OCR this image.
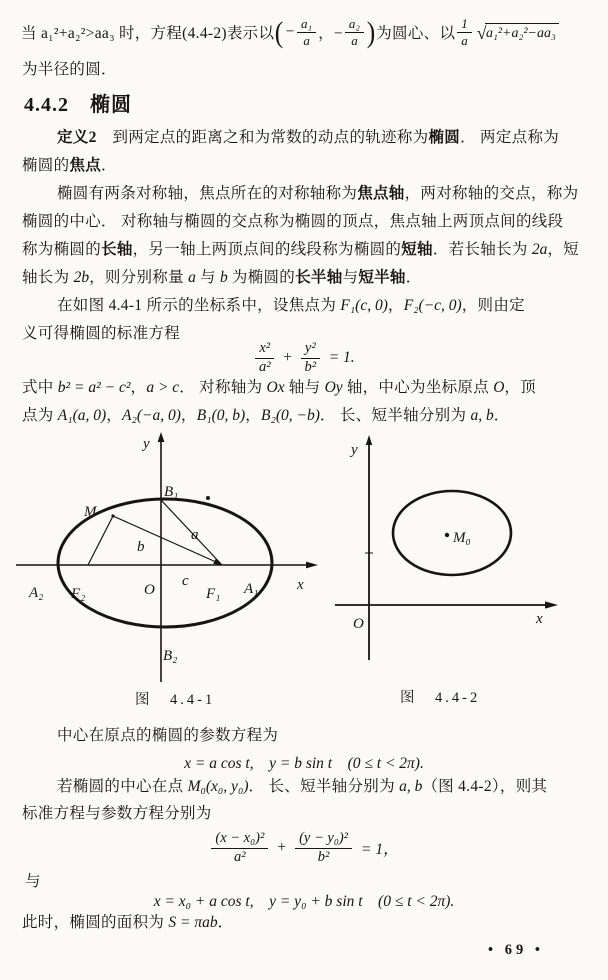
当 a₁²+a₂²>aa₃ 时，方程(4.4-2)表示以 ( − $\frac{\text{a₁}}{a}$ ，− $\frac{\text{a₂}}{a}$ ) 为圆心、以 $\frac{1}{a}$ √ a₁²+a₂²−aa₃
为半径的圆．
4.4.2　椭圆
定义2　到两定点的距离之和为常数的动点的轨迹称为椭圆． 两定点称为
椭圆的焦点．
椭圆有两条对称轴，焦点所在的对称轴称为焦点轴，两对称轴的交点，称为
椭圆的中心． 对称轴与椭圆的交点称为椭圆的顶点，焦点轴上两顶点间的线段
称为椭圆的长轴，另一轴上两顶点间的线段称为椭圆的短轴．若长轴长为 2a，短
轴长为 2b，则分别称量 a 与 b 为椭圆的长半轴与短半轴．
在如图 4.4-1 所示的坐标系中，设焦点为 F₁(c, 0)，F₂(−c, 0)，则由定
义可得椭圆的标准方程
$\frac{\text{x²}}{\text{a²}} + \frac{\text{y²}}{\text{b²}} = 1$.
式中 b² = a² − c²，a > c． 对称轴为 Ox 轴与 Oy 轴，中心为坐标原点 O，顶
点为 A₁(a, 0)，A₂(−a, 0)，B₁(0, b)，B₂(0, −b)． 长、短半轴分别为 a, b．
y
B₁
M
a
b
A₂ F₂	O
c
F₁ A₁	x
B₂
y
M₀
O	x
图　4.4-1	图　4.4-2
中心在原点的椭圆的参数方程为
x = a cos t,　y = b sin t　(0 ≤ t < 2π).
若椭圆的中心在点 M₀(x₀, y₀)． 长、短半轴分别为 a, b（图 4.4-2），则其
标准方程与参数方程分别为
$\frac{\text{(x − x₀)²}}{\text{a²}} + \frac{\text{(y − y₀)²}}{\text{b²}} = 1$，
与
x = x₀ + a cos t,　y = y₀ + b sin t　(0 ≤ t < 2π).
此时，椭圆的面积为 S = πab．
• 69 •
